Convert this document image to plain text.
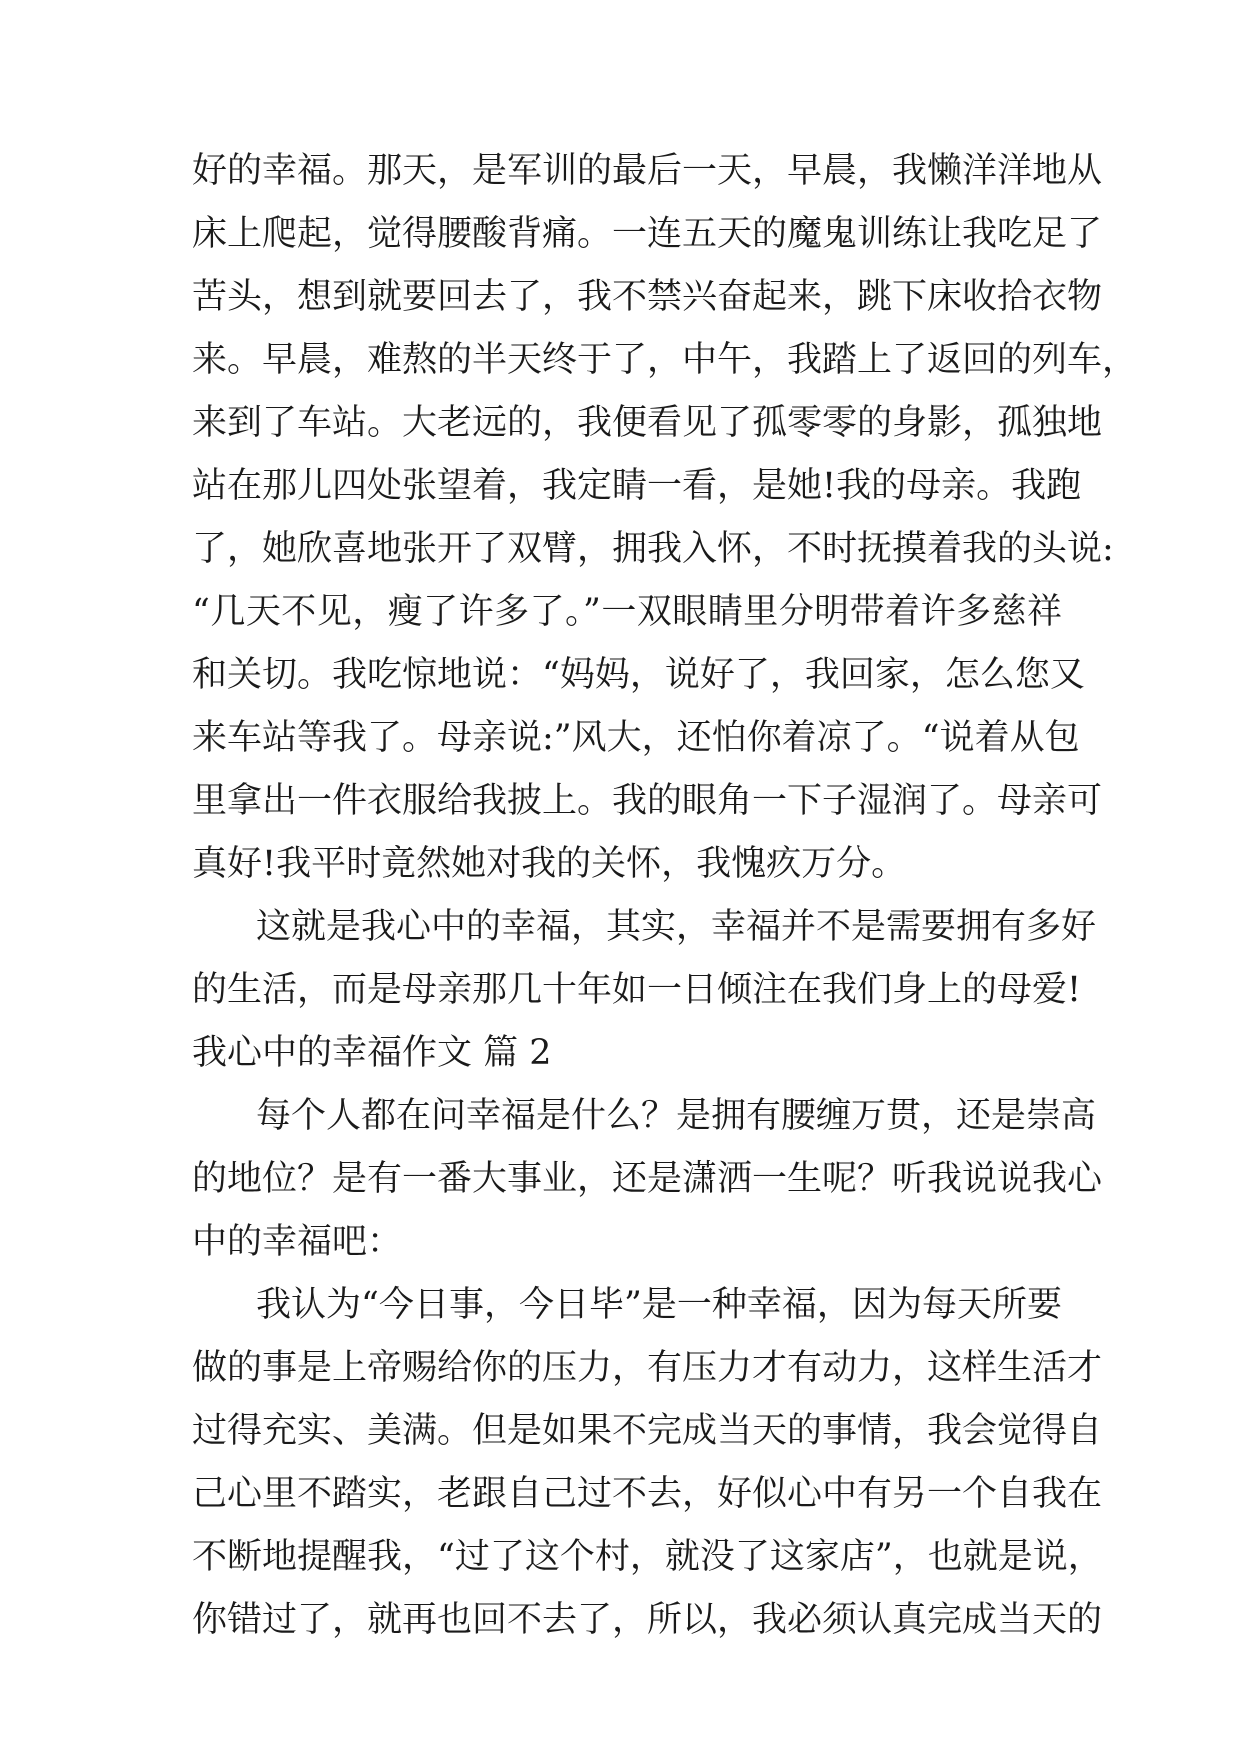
好的幸福。那天，是军训的最后一天，早晨，我懒洋洋地从
床上爬起，觉得腰酸背痛。一连五天的魔鬼训练让我吃足了
苦头，想到就要回去了，我不禁兴奋起来，跳下床收拾衣物
来。早晨，难熬的半天终于了，中午，我踏上了返回的列车，
来到了车站。大老远的，我便看见了孤零零的身影，孤独地
站在那儿四处张望着，我定睛一看，是她!我的母亲。我跑
了，她欣喜地张开了双臂，拥我入怀，不时抚摸着我的头说:
“几天不见，瘦了许多了。”一双眼睛里分明带着许多慈祥
和关切。我吃惊地说：“妈妈，说好了，我回家，怎么您又
来车站等我了。母亲说:”风大，还怕你着凉了。“说着从包
里拿出一件衣服给我披上。我的眼角一下子湿润了。母亲可
真好!我平时竟然她对我的关怀，我愧疚万分。
这就是我心中的幸福，其实，幸福并不是需要拥有多好
的生活，而是母亲那几十年如一日倾注在我们身上的母爱!
我心中的幸福作文 篇 2
每个人都在问幸福是什么？是拥有腰缠万贯，还是崇高
的地位？是有一番大事业，还是潇洒一生呢？听我说说我心
中的幸福吧：
我认为“今日事，今日毕”是一种幸福，因为每天所要
做的事是上帝赐给你的压力，有压力才有动力，这样生活才
过得充实、美满。但是如果不完成当天的事情，我会觉得自
己心里不踏实，老跟自己过不去，好似心中有另一个自我在
不断地提醒我，“过了这个村，就没了这家店”，也就是说，
你错过了，就再也回不去了，所以，我必须认真完成当天的
